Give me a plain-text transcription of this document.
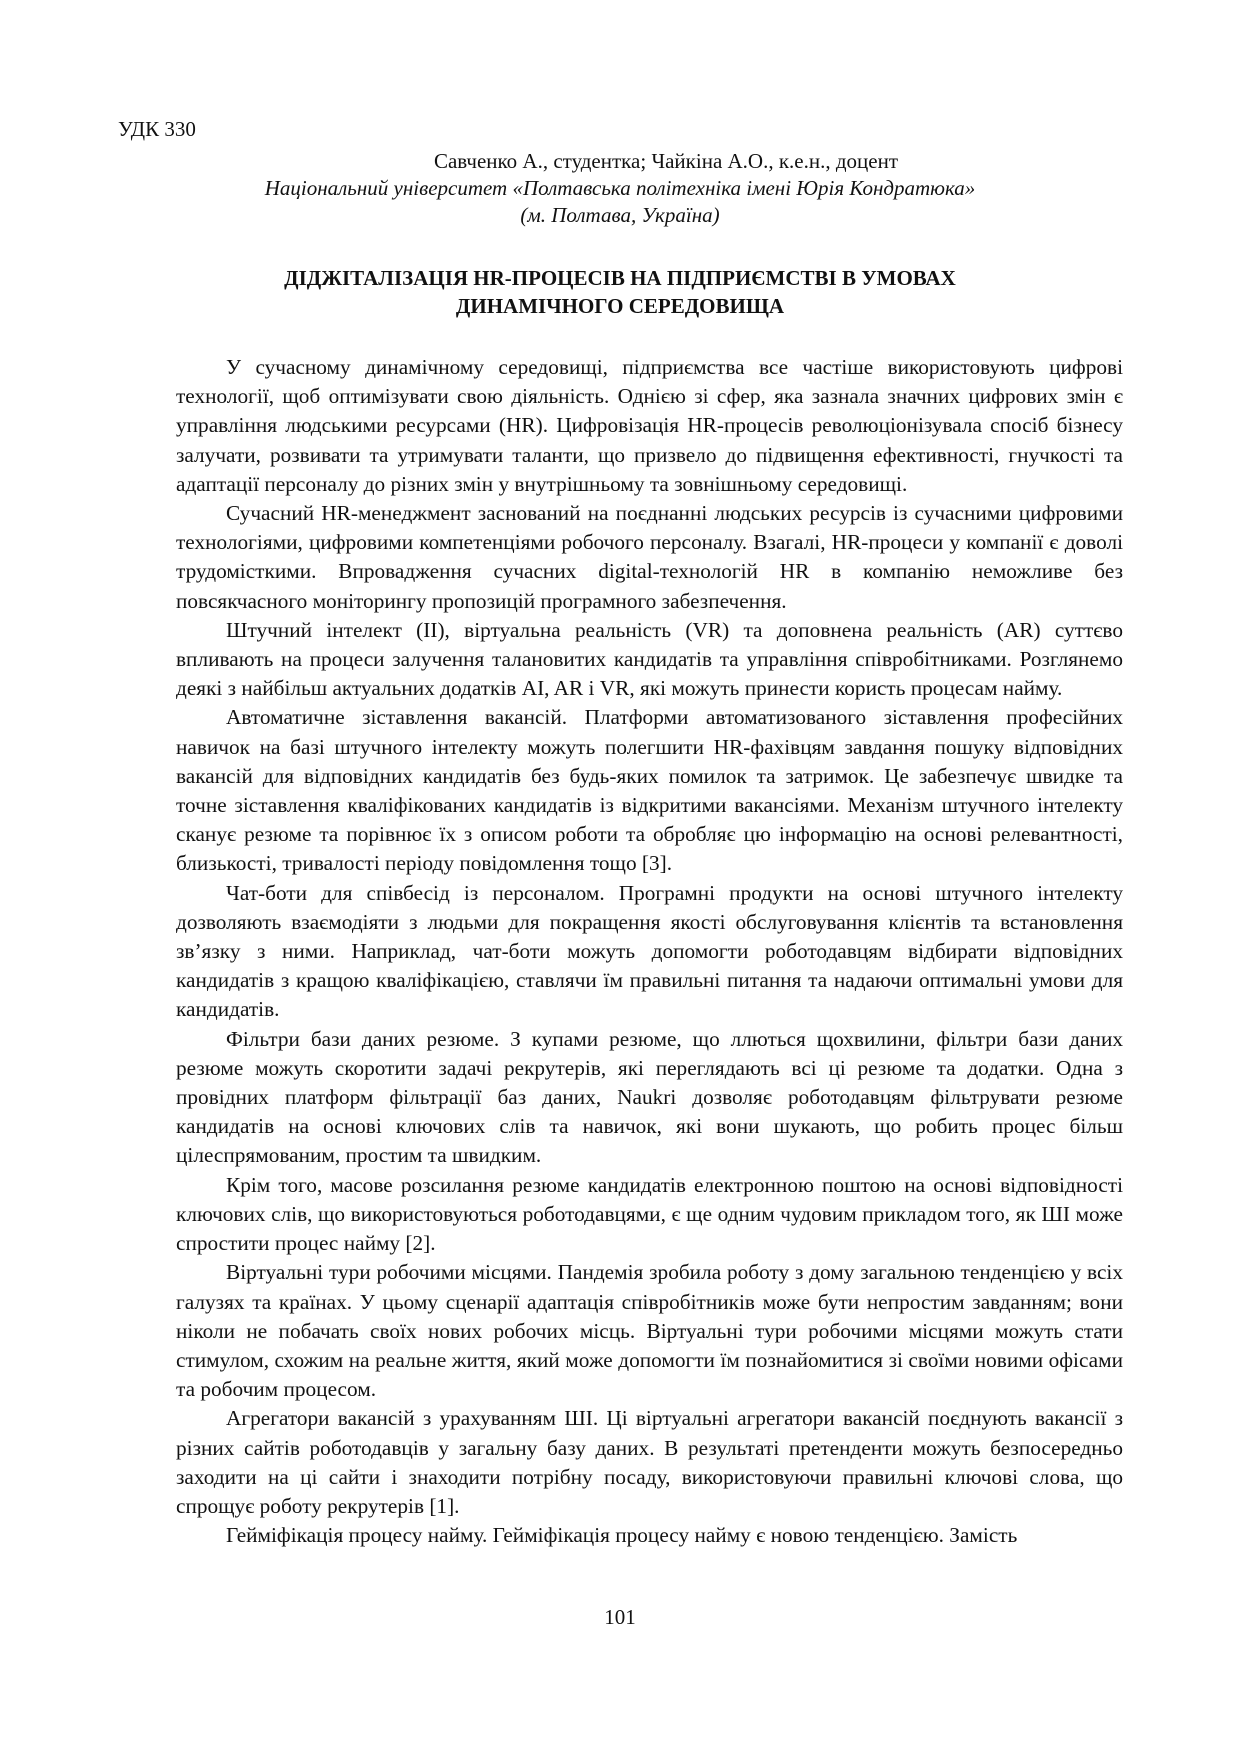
УДК 330
Савченко А., студентка; Чайкіна А.О., к.е.н., доцент
Національний університет «Полтавська політехніка імені Юрія Кондратюка»
(м. Полтава, Україна)
ДІДЖІТАЛІЗАЦІЯ HR-ПРОЦЕСІВ НА ПІДПРИЄМСТВІ В УМОВАХ
ДИНАМІЧНОГО СЕРЕДОВИЩА

У сучасному динамічному середовищі, підприємства все частіше використовують цифрові технології, щоб оптимізувати свою діяльність. Однією зі сфер, яка зазнала значних цифрових змін є управління людськими ресурсами (HR). Цифровізація HR-процесів революціонізувала спосіб бізнесу залучати, розвивати та утримувати таланти, що призвело до підвищення ефективності, гнучкості та адаптації персоналу до різних змін у внутрішньому та зовнішньому середовищі.

Сучасний HR-менеджмент заснований на поєднанні людських ресурсів із сучасними цифровими технологіями, цифровими компетенціями робочого персоналу. Взагалі, HR-процеси у компанії є доволі трудомісткими. Впровадження сучасних digital-технологій HR в компанію неможливе без повсякчасного моніторингу пропозицій програмного забезпечення.

Штучний інтелект (ІІ), віртуальна реальність (VR) та доповнена реальність (AR) суттєво впливають на процеси залучення талановитих кандидатів та управління співробітниками. Розглянемо деякі з найбільш актуальних додатків AI, AR і VR, які можуть принести користь процесам найму.

Автоматичне зіставлення вакансій. Платформи автоматизованого зіставлення професійних навичок на базі штучного інтелекту можуть полегшити HR-фахівцям завдання пошуку відповідних вакансій для відповідних кандидатів без будь-яких помилок та затримок. Це забезпечує швидке та точне зіставлення кваліфікованих кандидатів із відкритими вакансіями. Механізм штучного інтелекту сканує резюме та порівнює їх з описом роботи та обробляє цю інформацію на основі релевантності, близькості, тривалості періоду повідомлення тощо [3].

Чат-боти для співбесід із персоналом. Програмні продукти на основі штучного інтелекту дозволяють взаємодіяти з людьми для покращення якості обслуговування клієнтів та встановлення зв’язку з ними. Наприклад, чат-боти можуть допомогти роботодавцям відбирати відповідних кандидатів з кращою кваліфікацією, ставлячи їм правильні питання та надаючи оптимальні умови для кандидатів.

Фільтри бази даних резюме. З купами резюме, що ллються щохвилини, фільтри бази даних резюме можуть скоротити задачі рекрутерів, які переглядають всі ці резюме та додатки. Одна з провідних платформ фільтрації баз даних, Naukri дозволяє роботодавцям фільтрувати резюме кандидатів на основі ключових слів та навичок, які вони шукають, що робить процес більш цілеспрямованим, простим та швидким.

Крім того, масове розсилання резюме кандидатів електронною поштою на основі відповідності ключових слів, що використовуються роботодавцями, є ще одним чудовим прикладом того, як ШІ може спростити процес найму [2].

Віртуальні тури робочими місцями. Пандемія зробила роботу з дому загальною тенденцією у всіх галузях та країнах. У цьому сценарії адаптація співробітників може бути непростим завданням; вони ніколи не побачать своїх нових робочих місць. Віртуальні тури робочими місцями можуть стати стимулом, схожим на реальне життя, який може допомогти їм познайомитися зі своїми новими офісами та робочим процесом.

Агрегатори вакансій з урахуванням ШІ. Ці віртуальні агрегатори вакансій поєднують вакансії з різних сайтів роботодавців у загальну базу даних. В результаті претенденти можуть безпосередньо заходити на ці сайти і знаходити потрібну посаду, використовуючи правильні ключові слова, що спрощує роботу рекрутерів [1].

Гейміфікація процесу найму. Гейміфікація процесу найму є новою тенденцією. Замість

101
